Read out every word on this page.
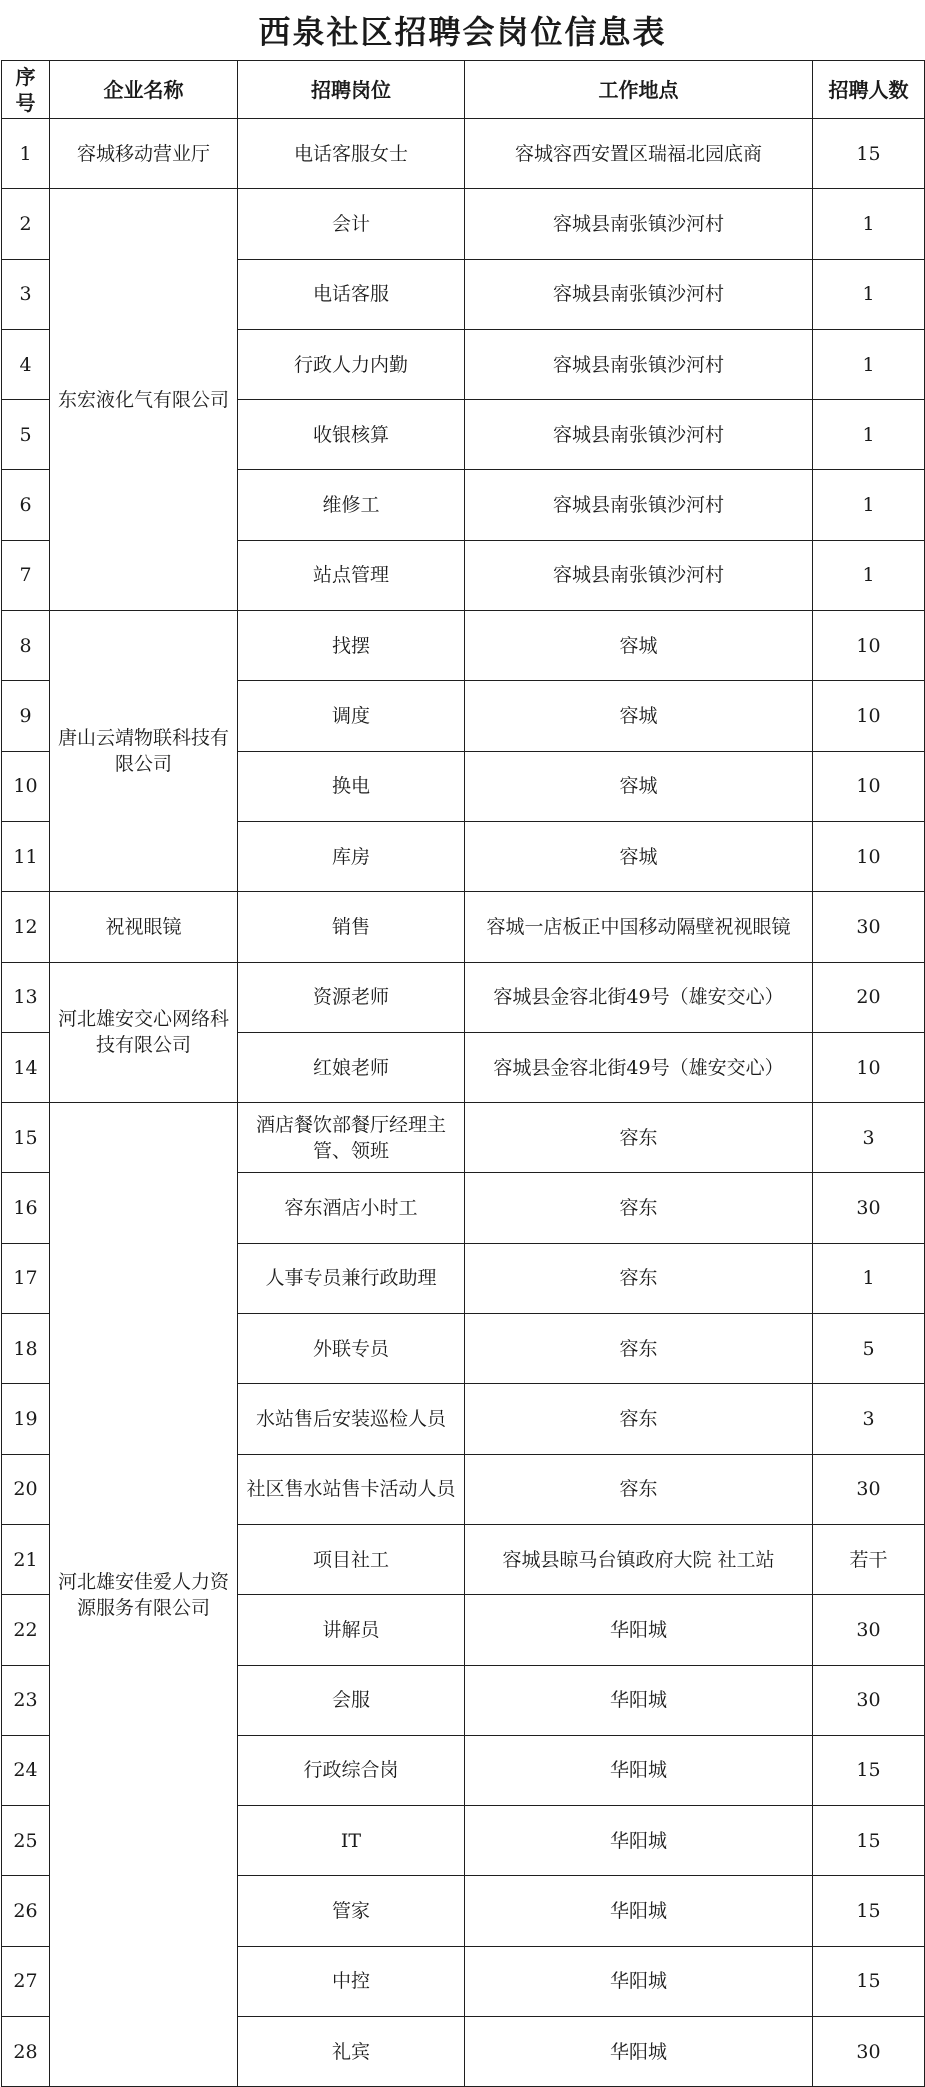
西泉社区招聘会岗位信息表
序号	企业名称	招聘岗位	工作地点	招聘人数
1	容城移动营业厅	电话客服女士	容城容西安置区瑞福北园底商	15
2	东宏液化气有限公司	会计	容城县南张镇沙河村	1
3		电话客服	容城县南张镇沙河村	1
4		行政人力内勤	容城县南张镇沙河村	1
5		收银核算	容城县南张镇沙河村	1
6		维修工	容城县南张镇沙河村	1
7		站点管理	容城县南张镇沙河村	1
8	唐山云靖物联科技有限公司	找摆	容城	10
9		调度	容城	10
10		换电	容城	10
11		库房	容城	10
12	祝视眼镜	销售	容城一店板正中国移动隔壁祝视眼镜	30
13	河北雄安交心网络科技有限公司	资源老师	容城县金容北街49号（雄安交心）	20
14		红娘老师	容城县金容北街49号（雄安交心）	10
15	河北雄安佳爱人力资源服务有限公司	酒店餐饮部餐厅经理主管、领班	容东	3
16		容东酒店小时工	容东	30
17		人事专员兼行政助理	容东	1
18		外联专员	容东	5
19		水站售后安装巡检人员	容东	3
20		社区售水站售卡活动人员	容东	30
21		项目社工	容城县晾马台镇政府大院 社工站	若干
22		讲解员	华阳城	30
23		会服	华阳城	30
24		行政综合岗	华阳城	15
25		IT	华阳城	15
26		管家	华阳城	15
27		中控	华阳城	15
28		礼宾	华阳城	30
